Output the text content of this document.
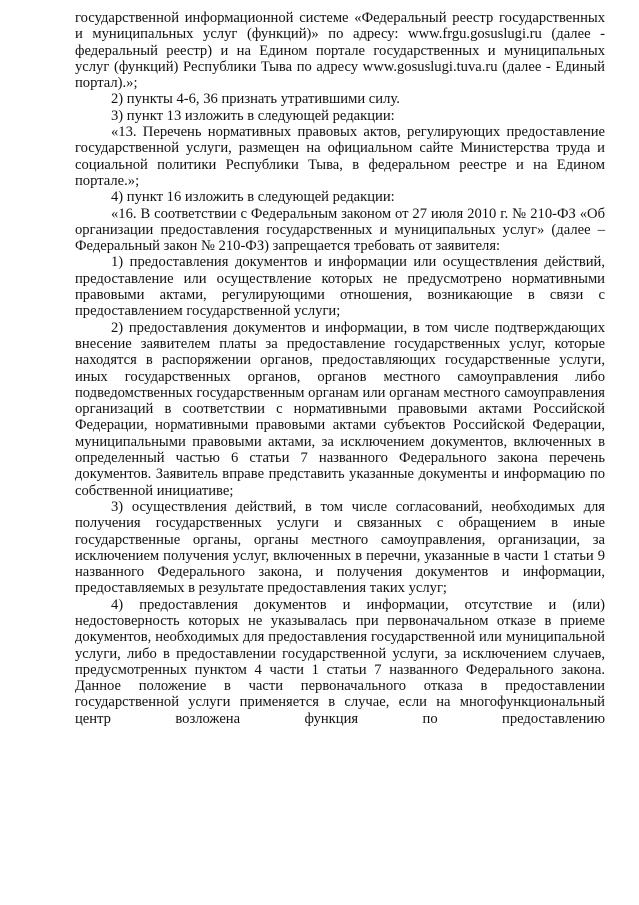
государственной информационной системе «Федеральный реестр государственных и муниципальных услуг (функций)» по адресу: www.frgu.gosuslugi.ru (далее - федеральный реестр) и на Едином портале государственных и муниципальных услуг (функций) Республики Тыва по адресу www.gosuslugi.tuva.ru (далее - Единый портал).»;

2) пункты 4-6, 36 признать утратившими силу.

3) пункт 13 изложить в следующей редакции:

«13. Перечень нормативных правовых актов, регулирующих предоставление государственной услуги, размещен на официальном сайте Министерства труда и социальной политики Республики Тыва, в федеральном реестре и на Едином портале.»;

4) пункт 16 изложить в следующей редакции:

«16. В соответствии с Федеральным законом от 27 июля 2010 г. № 210-ФЗ «Об организации предоставления государственных и муниципальных услуг» (далее – Федеральный закон № 210-ФЗ) запрещается требовать от заявителя:

1) предоставления документов и информации или осуществления действий, предоставление или осуществление которых не предусмотрено нормативными правовыми актами, регулирующими отношения, возникающие в связи с предоставлением государственной услуги;

2) предоставления документов и информации, в том числе подтверждающих внесение заявителем платы за предоставление государственных услуг, которые находятся в распоряжении органов, предоставляющих государственные услуги, иных государственных органов, органов местного самоуправления либо подведомственных государственным органам или органам местного самоуправления организаций в соответствии с нормативными правовыми актами Российской Федерации, нормативными правовыми актами субъектов Российской Федерации, муниципальными правовыми актами, за исключением документов, включенных в определенный частью 6 статьи 7 названного Федерального закона перечень документов. Заявитель вправе представить указанные документы и информацию по собственной инициативе;

3) осуществления действий, в том числе согласований, необходимых для получения государственных услуги и связанных с обращением в иные государственные органы, органы местного самоуправления, организации, за исключением получения услуг, включенных в перечни, указанные в части 1 статьи 9 названного Федерального закона, и получения документов и информации, предоставляемых в результате предоставления таких услуг;

4) предоставления документов и информации, отсутствие и (или) недостоверность которых не указывалась при первоначальном отказе в приеме документов, необходимых для предоставления государственной или муниципальной услуги, либо в предоставлении государственной услуги, за исключением случаев, предусмотренных пунктом 4 части 1 статьи 7 названного Федерального закона. Данное положение в части первоначального отказа в предоставлении государственной услуги применяется в случае, если на многофункциональный центр возложена функция по предоставлению
